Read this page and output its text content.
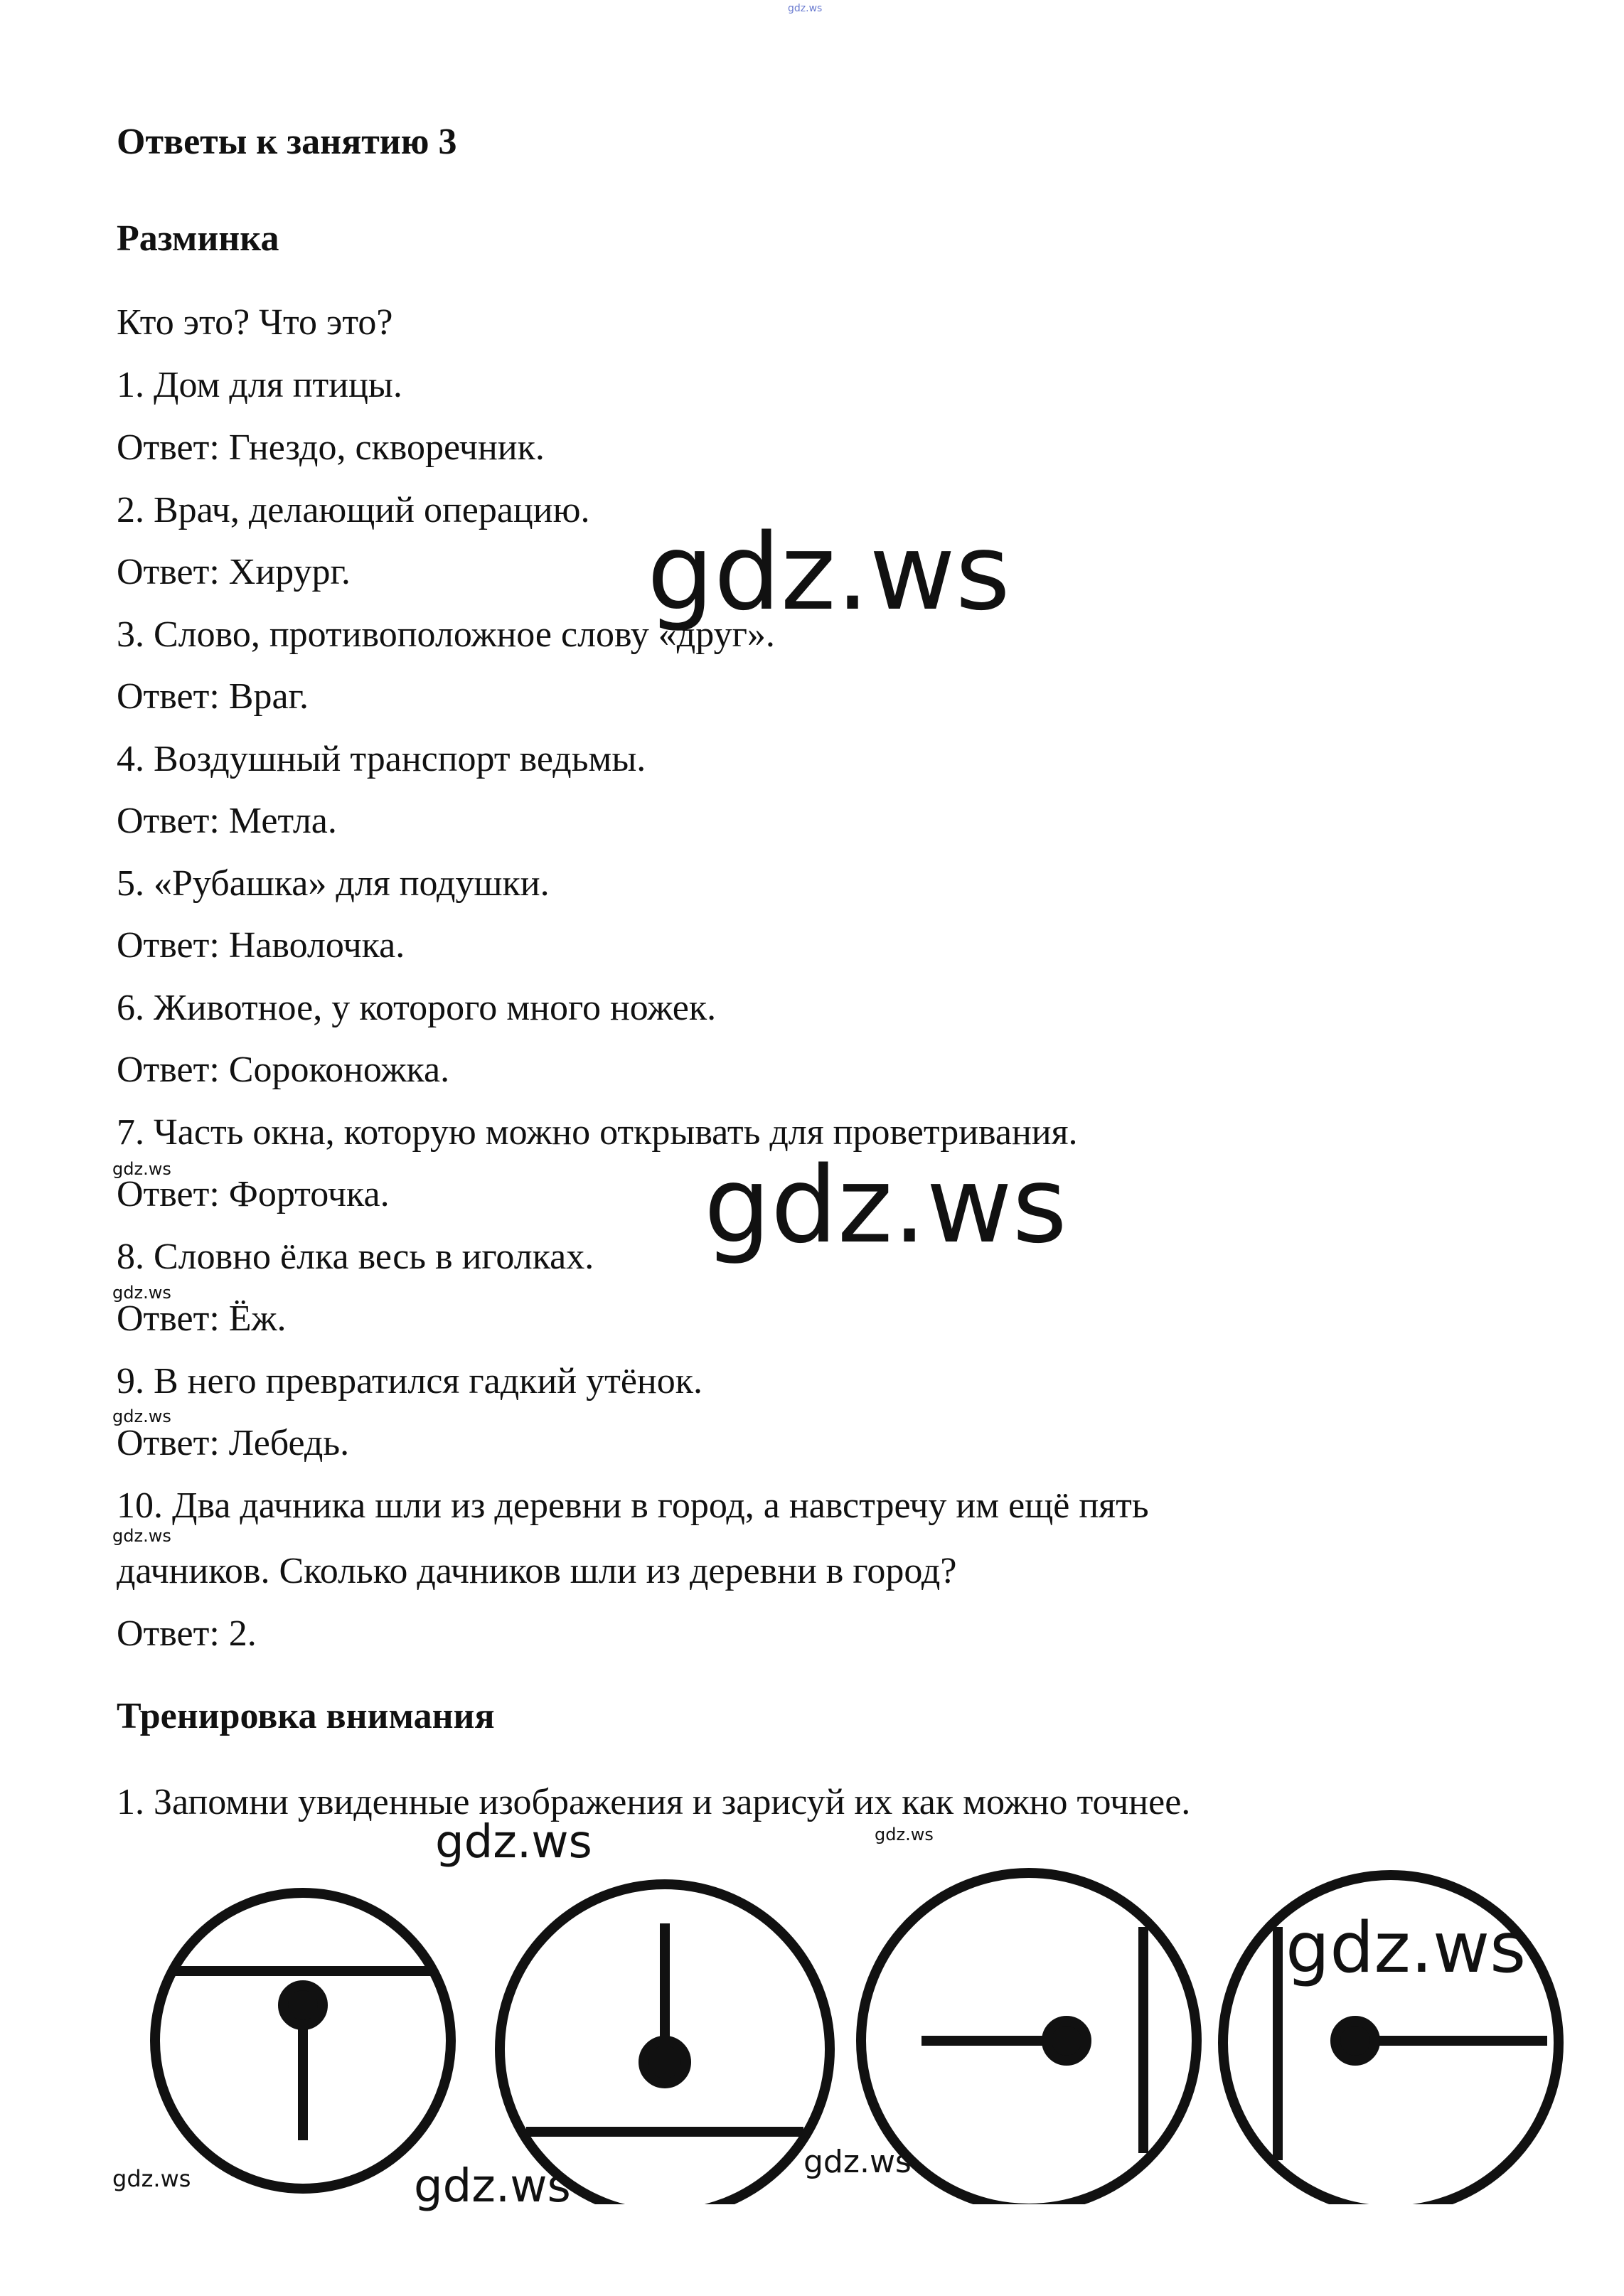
gdz.ws
Ответы к занятию 3
Разминка
Кто это? Что это?
1. Дом для птицы.
Ответ: Гнездо, скворечник.
2. Врач, делающий операцию.
Ответ: Хирург.
3. Слово, противоположное слову «друг».
Ответ: Враг.
4. Воздушный транспорт ведьмы.
Ответ: Метла.
5. «Рубашка» для подушки.
Ответ: Наволочка.
6. Животное, у которого много ножек.
Ответ: Сороконожка.
7. Часть окна, которую можно открывать для проветривания.
Ответ: Форточка.
8. Словно ёлка весь в иголках.
Ответ: Ёж.
9. В него превратился гадкий утёнок.
Ответ: Лебедь.
10. Два дачника шли из деревни в город, а навстречу им ещё пять
дачников. Сколько дачников шли из деревни в город?
Ответ: 2.
Тренировка внимания
1. Запомни увиденные изображения и зарисуй их как можно точнее.
gdz.ws
gdz.ws
gdz.ws
gdz.ws
gdz.ws	gdz.ws
gdz.ws
gdz.ws
gdz.ws
gdz.ws
gdz.ws
gdz.ws
